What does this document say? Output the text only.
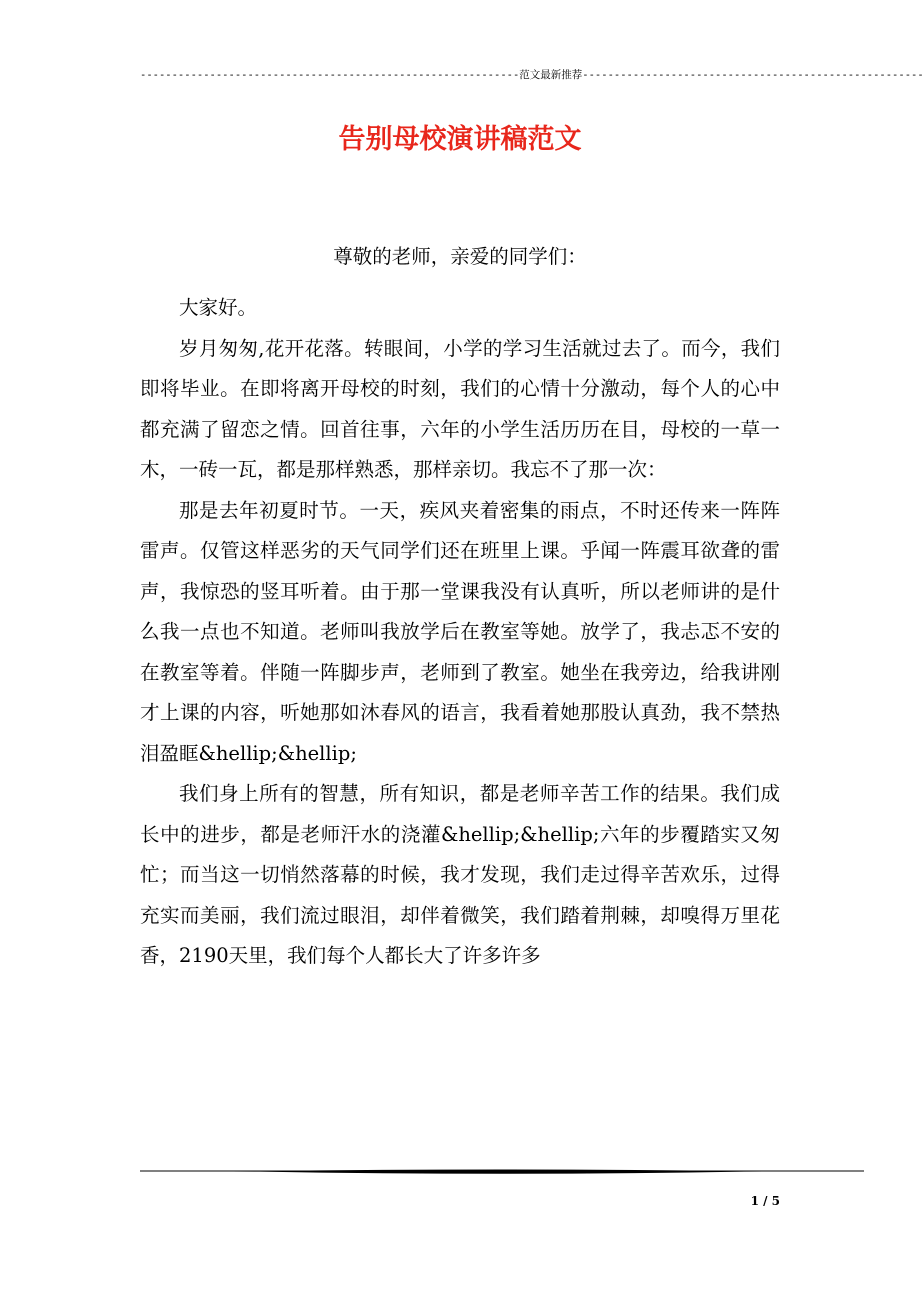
------------------------------------------------------------范文最新推荐------------------------------------------------------
告别母校演讲稿范文
尊敬的老师，亲爱的同学们：

大家好。

岁月匆匆,花开花落。转眼间，小学的学习生活就过去了。而今，我们即将毕业。在即将离开母校的时刻，我们的心情十分激动，每个人的心中都充满了留恋之情。回首往事，六年的小学生活历历在目，母校的一草一木，一砖一瓦，都是那样熟悉，那样亲切。我忘不了那一次：

那是去年初夏时节。一天，疾风夹着密集的雨点，不时还传来一阵阵雷声。仅管这样恶劣的天气同学们还在班里上课。乎闻一阵震耳欲聋的雷声，我惊恐的竖耳听着。由于那一堂课我没有认真听，所以老师讲的是什么我一点也不知道。老师叫我放学后在教室等她。放学了，我忐忑不安的在教室等着。伴随一阵脚步声，老师到了教室。她坐在我旁边，给我讲刚才上课的内容，听她那如沐春风的语言，我看着她那股认真劲，我不禁热泪盈眶&hellip;&hellip;

我们身上所有的智慧，所有知识，都是老师辛苦工作的结果。我们成长中的进步，都是老师汗水的浇灌&hellip;&hellip;六年的步覆踏实又匆忙；而当这一切悄然落幕的时候，我才发现，我们走过得辛苦欢乐，过得充实而美丽，我们流过眼泪，却伴着微笑，我们踏着荆棘，却嗅得万里花香，2190天里，我们每个人都长大了许多许多

1 / 5
